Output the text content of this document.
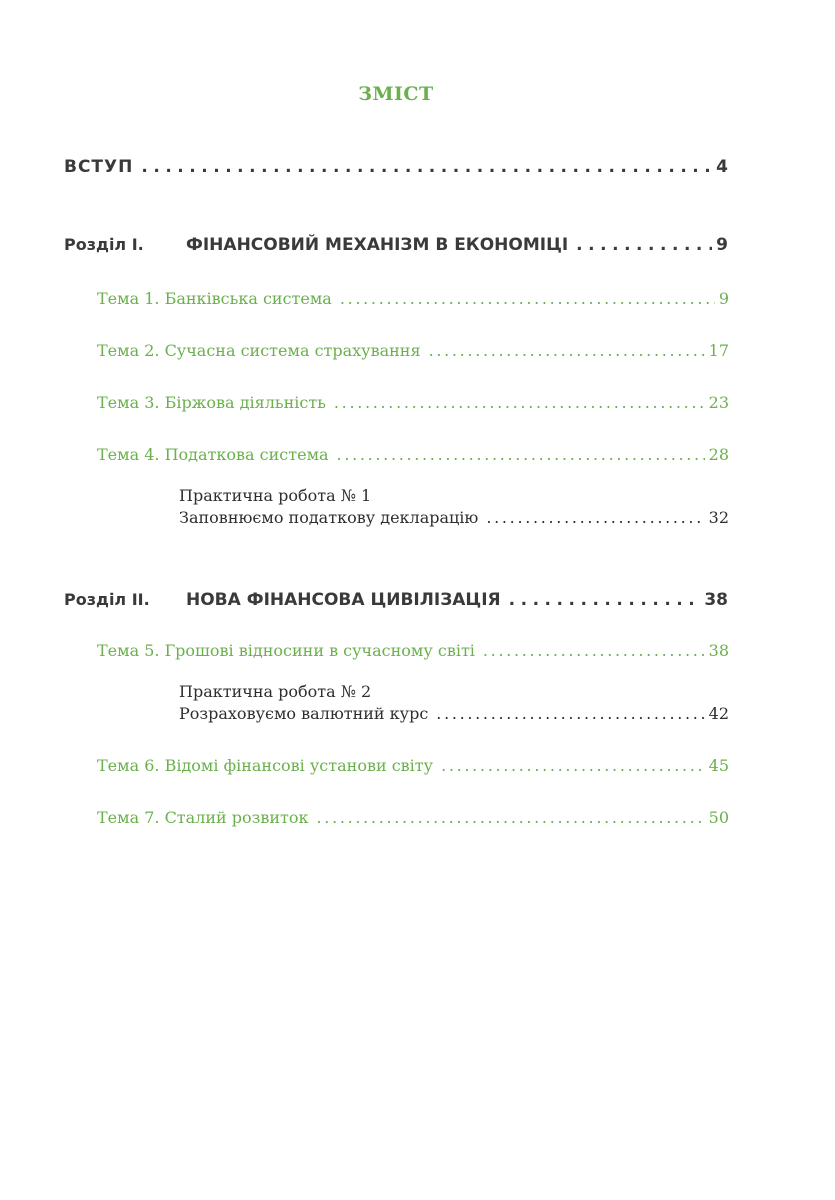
ЗМІСТ
ВСТУП . . .	4
Розділ І.	ФІНАНСОВИЙ МЕХАНІЗМ В ЕКОНОМІЦІ . . .	9
Тема 1. Банківська система . . .	9
Тема 2. Сучасна система страхування . . .	17
Тема 3. Біржова діяльність . . .	23
Тема 4. Податкова система . . .	28
Практична робота № 1
Заповнюємо податкову декларацію . . .	32
Розділ ІІ.	НОВА ФІНАНСОВА ЦИВІЛІЗАЦІЯ . . .	38
Тема 5. Грошові відносини в сучасному світі . . .	38
Практична робота № 2
Розраховуємо валютний курс . . .	42
Тема 6. Відомі фінансові установи світу . . .	45
Тема 7. Сталий розвиток . . .	50
